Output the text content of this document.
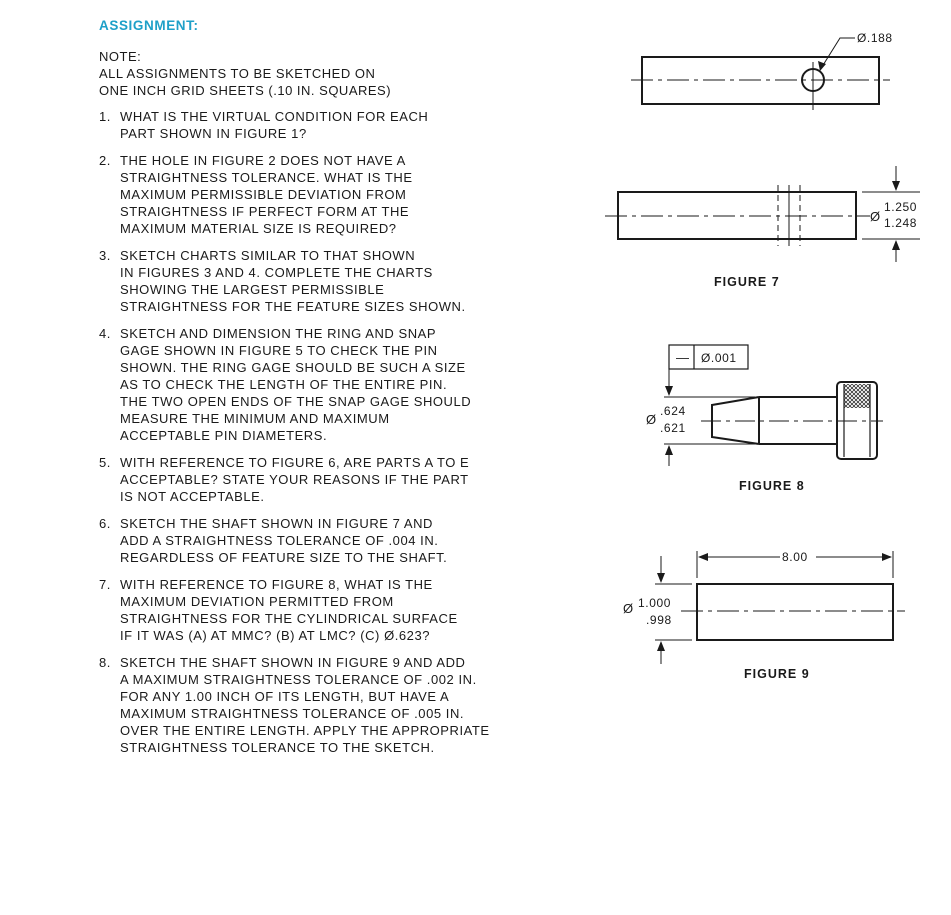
ASSIGNMENT:
NOTE:
ALL ASSIGNMENTS TO BE SKETCHED ON
ONE INCH GRID SHEETS (.10 IN. SQUARES)
1. WHAT IS THE VIRTUAL CONDITION FOR EACH
PART SHOWN IN FIGURE 1?
2. THE HOLE IN FIGURE 2 DOES NOT HAVE A
STRAIGHTNESS TOLERANCE. WHAT IS THE
MAXIMUM PERMISSIBLE DEVIATION FROM
STRAIGHTNESS IF PERFECT FORM AT THE
MAXIMUM MATERIAL SIZE IS REQUIRED?
3. SKETCH CHARTS SIMILAR TO THAT SHOWN
IN FIGURES 3 AND 4. COMPLETE THE CHARTS
SHOWING THE LARGEST PERMISSIBLE
STRAIGHTNESS FOR THE FEATURE SIZES SHOWN.
4. SKETCH AND DIMENSION THE RING AND SNAP
GAGE SHOWN IN FIGURE 5 TO CHECK THE PIN
SHOWN. THE RING GAGE SHOULD BE SUCH A SIZE
AS TO CHECK THE LENGTH OF THE ENTIRE PIN.
THE TWO OPEN ENDS OF THE SNAP GAGE SHOULD
MEASURE THE MINIMUM AND MAXIMUM
ACCEPTABLE PIN DIAMETERS.
5. WITH REFERENCE TO FIGURE 6, ARE PARTS A TO E
ACCEPTABLE? STATE YOUR REASONS IF THE PART
IS NOT ACCEPTABLE.
6. SKETCH THE SHAFT SHOWN IN FIGURE 7 AND
ADD A STRAIGHTNESS TOLERANCE OF .004 IN.
REGARDLESS OF FEATURE SIZE TO THE SHAFT.
7. WITH REFERENCE TO FIGURE 8, WHAT IS THE
MAXIMUM DEVIATION PERMITTED FROM
STRAIGHTNESS FOR THE CYLINDRICAL SURFACE
IF IT WAS (A) AT MMC? (B) AT LMC? (C) Ø.623?
8. SKETCH THE SHAFT SHOWN IN FIGURE 9 AND ADD
A MAXIMUM STRAIGHTNESS TOLERANCE OF .002 IN.
FOR ANY 1.00 INCH OF ITS LENGTH, BUT HAVE A
MAXIMUM STRAIGHTNESS TOLERANCE OF .005 IN.
OVER THE ENTIRE LENGTH. APPLY THE APPROPRIATE
STRAIGHTNESS TOLERANCE TO THE SKETCH.
Ø.188
Ø
1.250
1.248
FIGURE 7
— Ø.001
Ø
.624
.621
FIGURE 8
8.00
Ø 1.000
.998
FIGURE 9
